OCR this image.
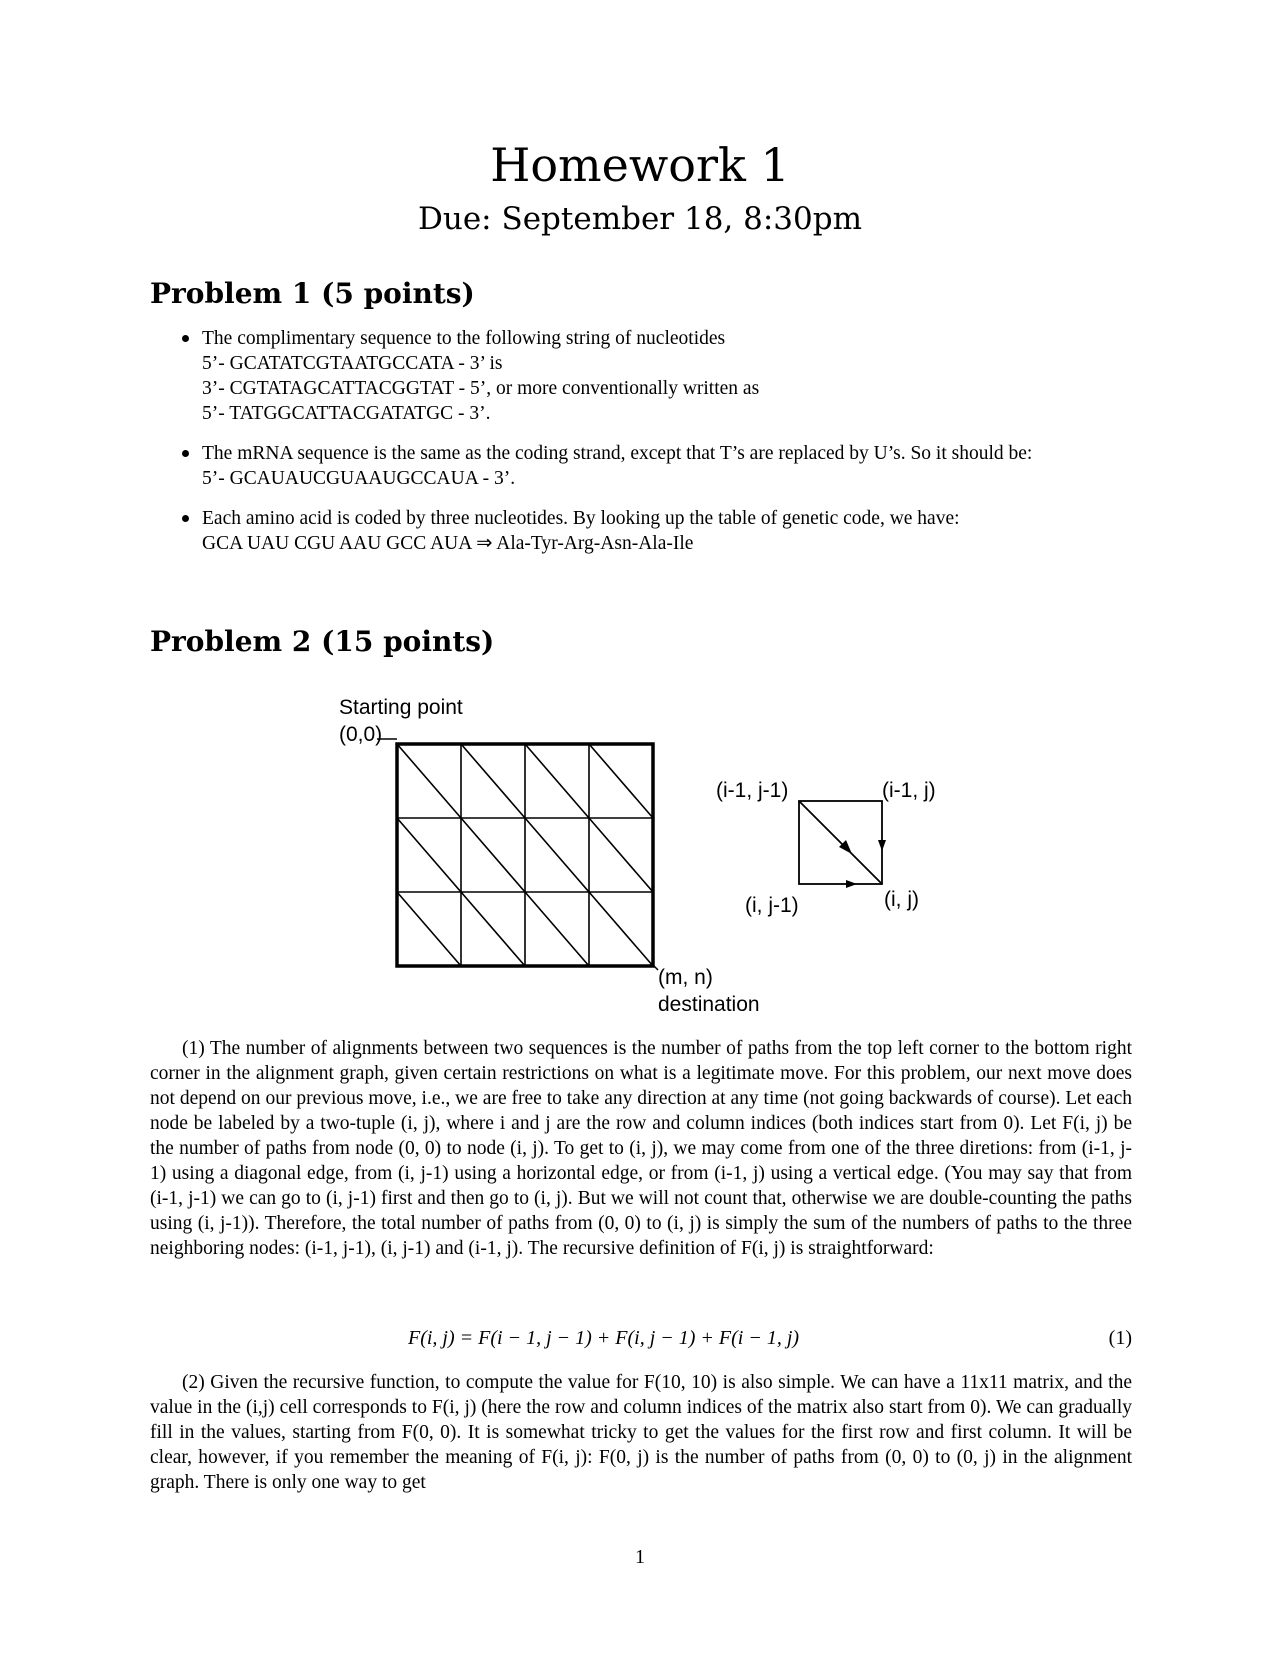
Homework 1
Due: September 18, 8:30pm
Problem 1 (5 points)
The complimentary sequence to the following string of nucleotides
5’- GCATATCGTAATGCCATA - 3’ is
3’- CGTATAGCATTACGGTAT - 5’, or more conventionally written as
5’- TATGGCATTACGATATGC - 3’.
The mRNA sequence is the same as the coding strand, except that T’s are replaced by U’s. So it should be:
5’- GCAUAUCGUAAUGCCAUA - 3’.
Each amino acid is coded by three nucleotides. By looking up the table of genetic code, we have:
GCA UAU CGU AAU GCC AUA ⇒ Ala-Tyr-Arg-Asn-Ala-Ile
Problem 2 (15 points)
Starting point
(0,0)
(m, n)
destination
(i-1, j-1)	(i-1, j)
(i, j-1)	(i, j)

(1) The number of alignments between two sequences is the number of paths from the top left corner to the bottom right corner in the alignment graph, given certain restrictions on what is a legitimate move. For this problem, our next move does not depend on our previous move, i.e., we are free to take any direction at any time (not going backwards of course). Let each node be labeled by a two-tuple (i, j), where i and j are the row and column indices (both indices start from 0). Let F(i, j) be the number of paths from node (0, 0) to node (i, j). To get to (i, j), we may come from one of the three diretions: from (i-1, j-1) using a diagonal edge, from (i, j-1) using a horizontal edge, or from (i-1, j) using a vertical edge. (You may say that from (i-1, j-1) we can go to (i, j-1) first and then go to (i, j). But we will not count that, otherwise we are double-counting the paths using (i, j-1)). Therefore, the total number of paths from (0, 0) to (i, j) is simply the sum of the numbers of paths to the three neighboring nodes: (i-1, j-1), (i, j-1) and (i-1, j). The recursive definition of F(i, j) is straightforward:

F(i, j) = F(i − 1, j − 1) + F(i, j − 1) + F(i − 1, j)	(1)

(2) Given the recursive function, to compute the value for F(10, 10) is also simple. We can have a 11x11 matrix, and the value in the (i,j) cell corresponds to F(i, j) (here the row and column indices of the matrix also start from 0). We can gradually fill in the values, starting from F(0, 0). It is somewhat tricky to get the values for the first row and first column. It will be clear, however, if you remember the meaning of F(i, j): F(0, j) is the number of paths from (0, 0) to (0, j) in the alignment graph. There is only one way to get

1
